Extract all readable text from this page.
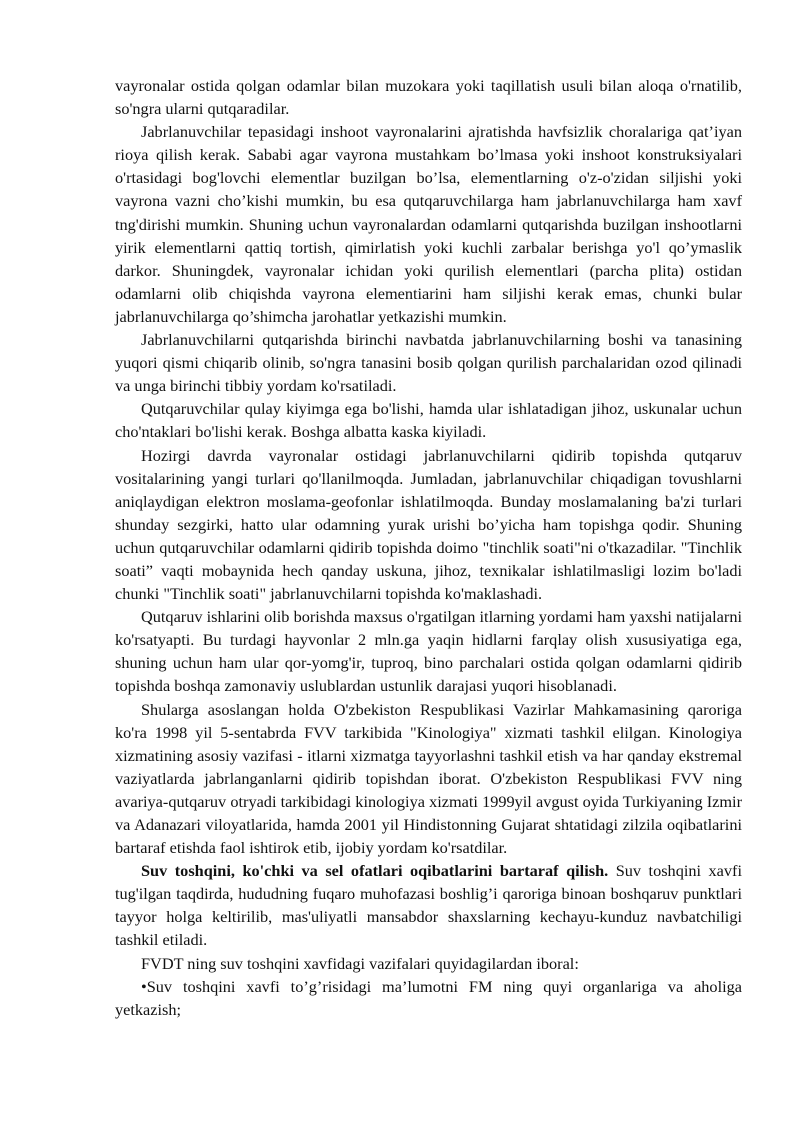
vayronalar ostida qolgan odamlar bilan muzokara yoki taqillatish usuli bilan aloqa o'rnatilib, so'ngra ularni qutqaradilar.

Jabrlanuvchilar tepasidagi inshoot vayronalarini ajratishda havfsizlik choralariga qat’iyan rioya qilish kerak. Sababi agar vayrona mustahkam bo’lmasa yoki inshoot konstruksiyalari o'rtasidagi bog'lovchi elementlar buzilgan bo’lsa, elementlarning o'z-o'zidan siljishi yoki vayrona vazni cho’kishi mumkin, bu esa qutqaruvchilarga ham jabrlanuvchilarga ham xavf tng'dirishi mumkin. Shuning uchun vayronalardan odamlarni qutqarishda buzilgan inshootlarni yirik elementlarni qattiq tortish, qimirlatish yoki kuchli zarbalar berishga yo'l qo’ymaslik darkor. Shuningdek, vayronalar ichidan yoki qurilish elementlari (parcha plita) ostidan odamlarni olib chiqishda vayrona elementiarini ham siljishi kerak emas, chunki bular jabrlanuvchilarga qo’shimcha jarohatlar yetkazishi mumkin.

Jabrlanuvchilarni qutqarishda birinchi navbatda jabrlanuvchilarning boshi va tanasining yuqori qismi chiqarib olinib, so'ngra tanasini bosib qolgan qurilish parchalaridan ozod qilinadi va unga birinchi tibbiy yordam ko'rsatiladi.

Qutqaruvchilar qulay kiyimga ega bo'lishi, hamda ular ishlatadigan jihoz, uskunalar uchun cho'ntaklari bo'lishi kerak. Boshga albatta kaska kiyiladi.

Hozirgi davrda vayronalar ostidagi jabrlanuvchilarni qidirib topishda qutqaruv vositalarining yangi turlari qo'llanilmoqda. Jumladan, jabrlanuvchilar chiqadigan tovushlarni aniqlaydigan elektron moslama-geofonlar ishlatilmoqda. Bunday moslamalaning ba'zi turlari shunday sezgirki, hatto ular odamning yurak urishi bo’yicha ham topishga qodir. Shuning uchun qutqaruvchilar odamlarni qidirib topishda doimo "tinchlik soati"ni o'tkazadilar. "Tinchlik soati” vaqti mobaynida hech qanday uskuna, jihoz, texnikalar ishlatilmasligi lozim bo'ladi chunki "Tinchlik soati" jabrlanuvchilarni topishda ko'maklashadi.

Qutqaruv ishlarini olib borishda maxsus o'rgatilgan itlarning yordami ham yaxshi natijalarni ko'rsatyapti. Bu turdagi hayvonlar 2 mln.ga yaqin hidlarni farqlay olish xususiyatiga ega, shuning uchun ham ular qor-yomg'ir, tuproq, bino parchalari ostida qolgan odamlarni qidirib topishda boshqa zamonaviy uslublardan ustunlik darajasi yuqori hisoblanadi.

Shularga asoslangan holda O'zbekiston Respublikasi Vazirlar Mahkamasining qaroriga ko'ra 1998 yil 5-sentabrda FVV tarkibida "Kinologiya" xizmati tashkil elilgan. Kinologiya xizmatining asosiy vazifasi - itlarni xizmatga tayyorlashni tashkil etish va har qanday ekstremal vaziyatlarda jabrlanganlarni qidirib topishdan iborat. O'zbekiston Respublikasi FVV ning avariya-qutqaruv otryadi tarkibidagi kinologiya xizmati 1999yil avgust oyida Turkiyaning Izmir va Adanazari viloyatlarida, hamda 2001 yil Hindistonning Gujarat shtatidagi zilzila oqibatlarini bartaraf etishda faol ishtirok etib, ijobiy yordam ko'rsatdilar.

Suv toshqini, ko'chki va sel ofatlari oqibatlarini bartaraf qilish. Suv toshqini xavfi tug'ilgan taqdirda, hududning fuqaro muhofazasi boshlig’i qaroriga binoan boshqaruv punktlari tayyor holga keltirilib, mas'uliyatli mansabdor shaxslarning kechayu-kunduz navbatchiligi tashkil etiladi.

FVDT ning suv toshqini xavfidagi vazifalari quyidagilardan iboral:

•Suv toshqini xavfi to’g’risidagi ma’lumotni FM ning quyi organlariga va aholiga yetkazish;
